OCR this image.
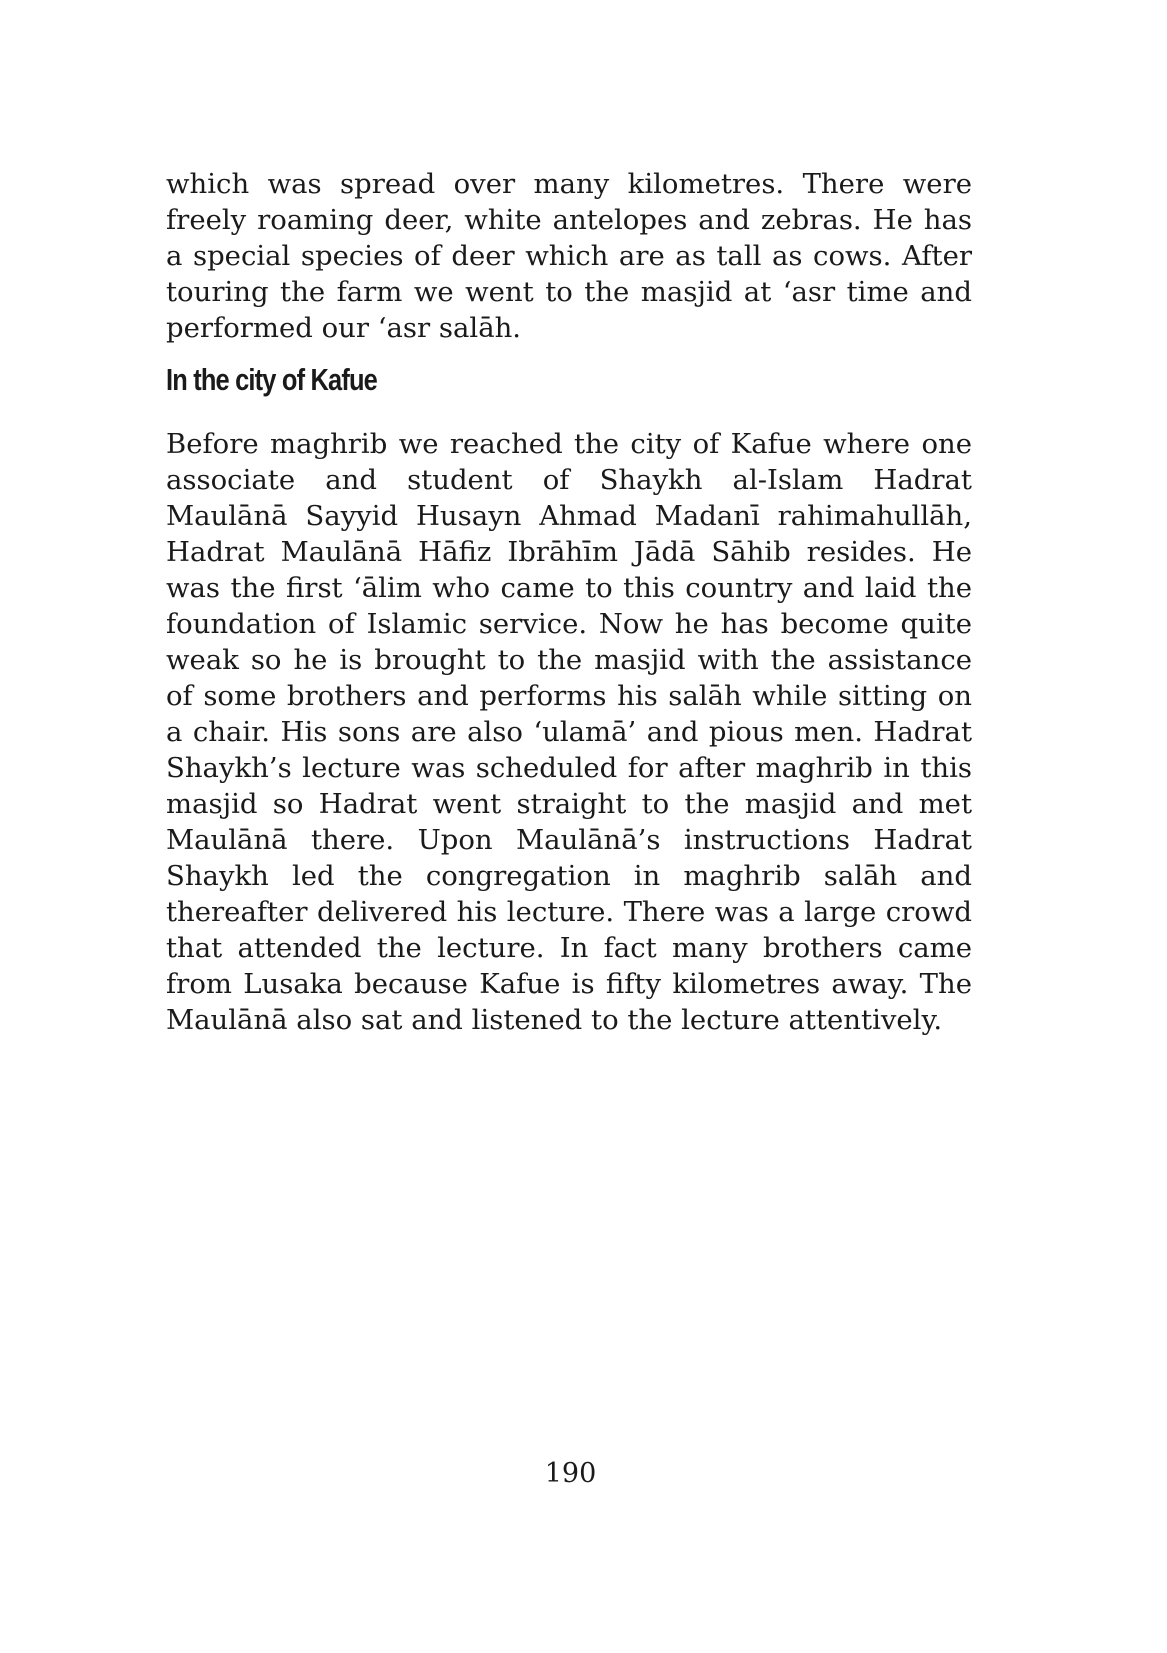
which was spread over many kilometres. There were freely roaming deer, white antelopes and zebras. He has a special species of deer which are as tall as cows. After touring the farm we went to the masjid at ‘asr time and performed our ‘asr salāh.

In the city of Kafue

Before maghrib we reached the city of Kafue where one associate and student of Shaykh al-Islam Hadrat Maulānā Sayyid Husayn Ahmad Madanī rahimahullāh, Hadrat Maulānā Hāfiz Ibrāhīm Jādā Sāhib resides. He was the first ‘ālim who came to this country and laid the foundation of Islamic service. Now he has become quite weak so he is brought to the masjid with the assistance of some brothers and performs his salāh while sitting on a chair. His sons are also ‘ulamā’ and pious men. Hadrat Shaykh’s lecture was scheduled for after maghrib in this masjid so Hadrat went straight to the masjid and met Maulānā there. Upon Maulānā’s instructions Hadrat Shaykh led the congregation in maghrib salāh and thereafter delivered his lecture. There was a large crowd that attended the lecture. In fact many brothers came from Lusaka because Kafue is fifty kilometres away. The Maulānā also sat and listened to the lecture attentively.

190
